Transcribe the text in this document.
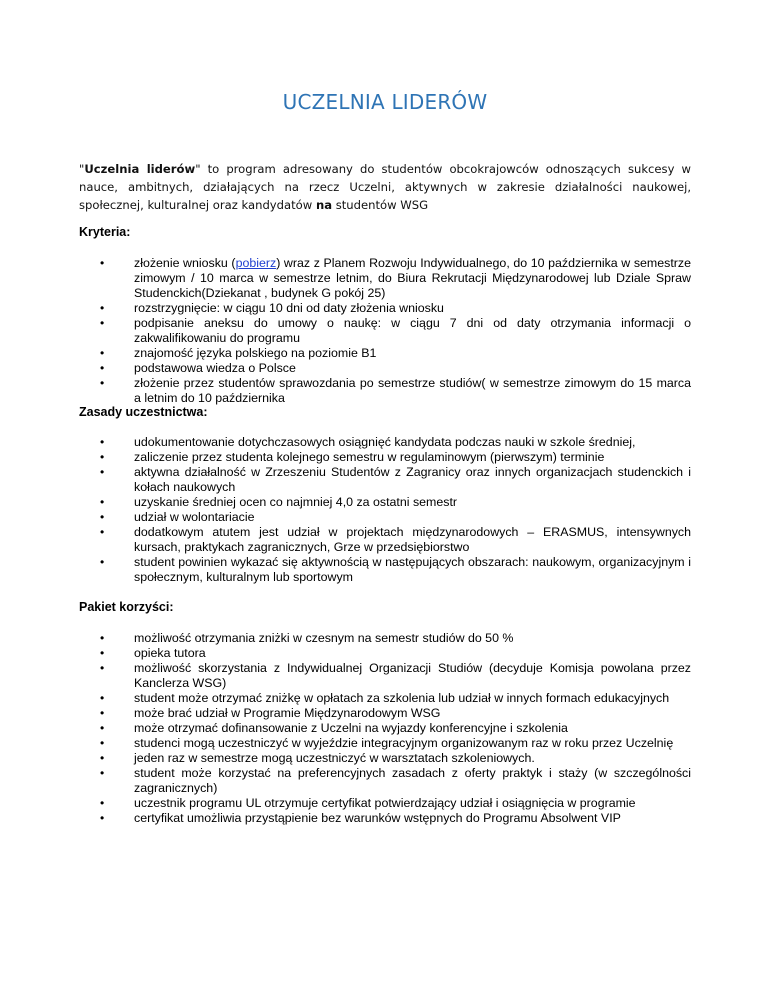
UCZELNIA LIDERÓW
"Uczelnia liderów" to program adresowany do studentów obcokrajowców odnoszących sukcesy w nauce, ambitnych, działających na rzecz Uczelni, aktywnych w zakresie działalności naukowej, społecznej, kulturalnej oraz kandydatów na studentów WSG
Kryteria:
•	złożenie wniosku (pobierz) wraz z Planem Rozwoju Indywidualnego, do 10 października w semestrze zimowym / 10 marca w semestrze letnim, do Biura Rekrutacji Międzynarodowej lub Dziale Spraw Studenckich(Dziekanat , budynek G pokój 25)
•	rozstrzygnięcie: w ciągu 10 dni od daty złożenia wniosku
•	podpisanie aneksu do umowy o naukę: w ciągu 7 dni od daty otrzymania informacji o zakwalifikowaniu do programu
•	znajomość języka polskiego na poziomie B1
•	podstawowa wiedza o Polsce
•	złożenie przez studentów sprawozdania po semestrze studiów( w semestrze zimowym do 15 marca a letnim do 10 października
Zasady uczestnictwa:
•	udokumentowanie dotychczasowych osiągnięć kandydata podczas nauki w szkole średniej,
•	zaliczenie przez studenta kolejnego semestru w regulaminowym (pierwszym) terminie
•	aktywna działalność w Zrzeszeniu Studentów z Zagranicy oraz innych organizacjach studenckich i kołach naukowych
•	uzyskanie średniej ocen co najmniej 4,0 za ostatni semestr
•	udział w wolontariacie
•	dodatkowym atutem jest udział w projektach międzynarodowych – ERASMUS, intensywnych kursach, praktykach zagranicznych, Grze w przedsiębiorstwo
•	student powinien wykazać się aktywnością w następujących obszarach: naukowym, organizacyjnym i społecznym, kulturalnym lub sportowym
Pakiet korzyści:
•	możliwość otrzymania zniżki w czesnym na semestr studiów do 50 %
•	opieka tutora
•	możliwość skorzystania z Indywidualnej Organizacji Studiów (decyduje Komisja powolana przez Kanclerza WSG)
•	student może otrzymać zniżkę w opłatach za szkolenia lub udział w innych formach edukacyjnych
•	może brać udział w Programie Międzynarodowym WSG
•	może otrzymać dofinansowanie z Uczelni na wyjazdy konferencyjne i szkolenia
•	studenci mogą uczestniczyć w wyjeździe integracyjnym organizowanym raz w roku przez Uczelnię
•	jeden raz w semestrze mogą uczestniczyć w warsztatach szkoleniowych.
•	student może korzystać na preferencyjnych zasadach z oferty praktyk i staży (w szczególności zagranicznych)
•	uczestnik programu UL otrzymuje certyfikat potwierdzający udział i osiągnięcia w programie
•	certyfikat umożliwia przystąpienie bez warunków wstępnych do Programu Absolwent VIP
